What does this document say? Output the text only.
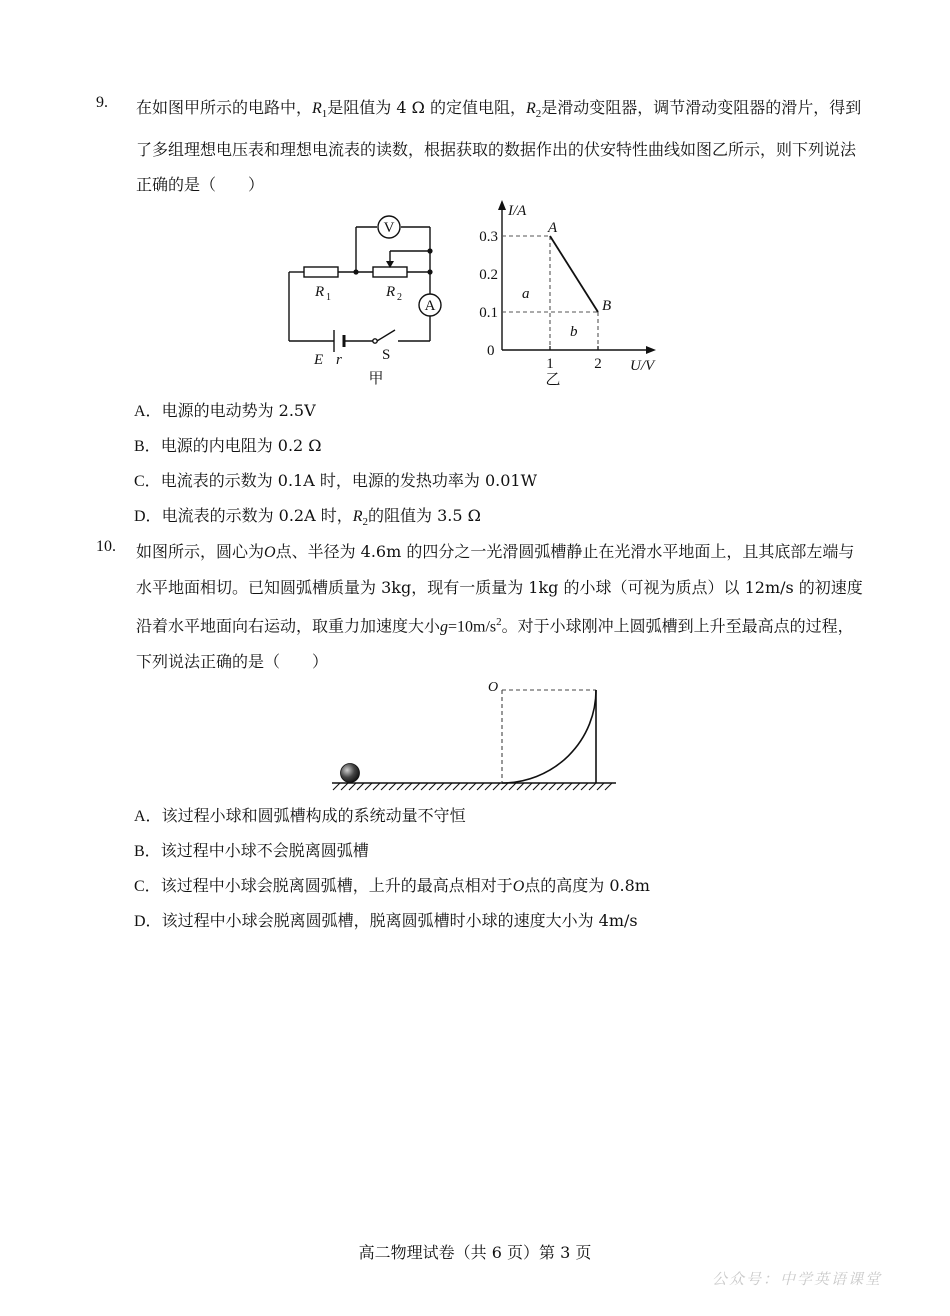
9. 在如图甲所示的电路中，$R_1$是阻值为 4 Ω 的定值电阻，$R_2$是滑动变阻器，调节滑动变阻器的滑片，得到了多组理想电压表和理想电流表的读数，根据获取的数据作出的伏安特性曲线如图乙所示，则下列说法正确的是（　　）
V
A
R 1	R 2
E r	S
甲
I/A
U/V
0
0.1
0.2
0.3
1	2
A
B
a
b
乙
A．电源的电动势为 2.5V
B．电源的内电阻为 0.2 Ω
C．电流表的示数为 0.1A 时，电源的发热功率为 0.01W
D．电流表的示数为 0.2A 时，$R_2$的阻值为 3.5 Ω
10. 如图所示，圆心为O点、半径为 4.6m 的四分之一光滑圆弧槽静止在光滑水平地面上，且其底部左端与水平地面相切。已知圆弧槽质量为 3kg，现有一质量为 1kg 的小球（可视为质点）以 12m/s 的初速度沿着水平地面向右运动，取重力加速度大小$g=10m/s^2$。对于小球刚冲上圆弧槽到上升至最高点的过程，下列说法正确的是（　　）
O
A．该过程小球和圆弧槽构成的系统动量不守恒
B．该过程中小球不会脱离圆弧槽
C．该过程中小球会脱离圆弧槽，上升的最高点相对于O点的高度为 0.8m
D．该过程中小球会脱离圆弧槽，脱离圆弧槽时小球的速度大小为 4m/s
高二物理试卷（共 6 页）第 3 页
公众号：中学英语课堂
